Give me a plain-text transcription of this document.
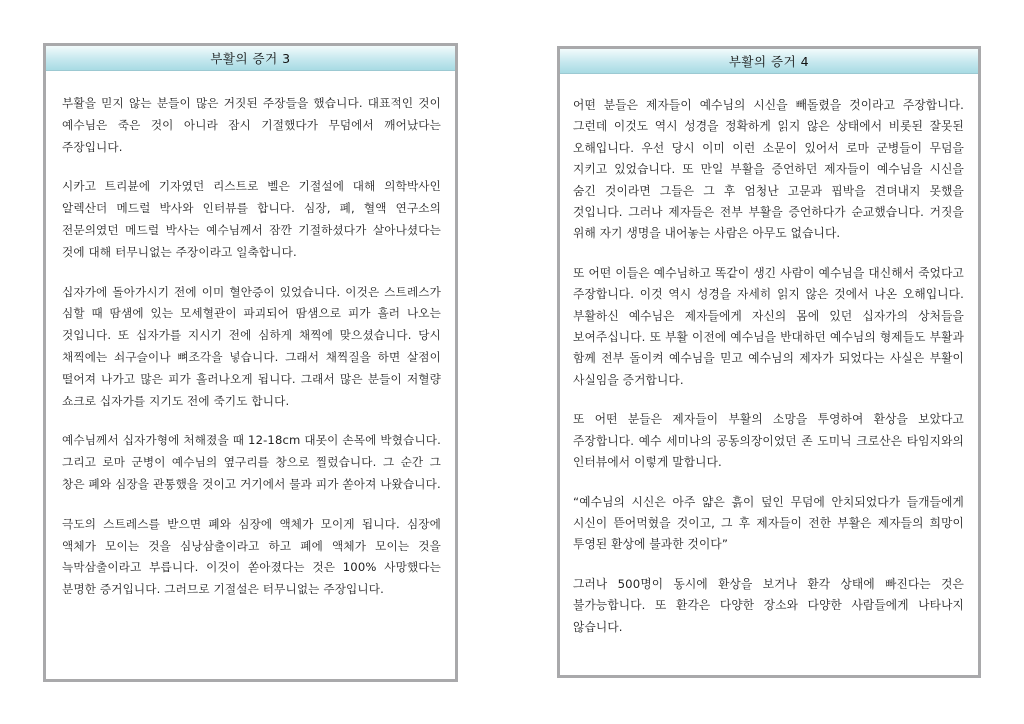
부활의 증거 3

부활을 믿지 않는 분들이 많은 거짓된 주장들을 했습니다. 대표적인 것이 예수님은 죽은 것이 아니라 잠시 기절했다가 무덤에서 깨어났다는 주장입니다.

시카고 트리뷴에 기자였던 리스트로 벨은 기절설에 대해 의학박사인 알렉산더 메드럴 박사와 인터뷰를 합니다. 심장, 폐, 혈액 연구소의 전문의였던 메드럴 박사는 예수님께서 잠깐 기절하셨다가 살아나셨다는 것에 대해 터무니없는 주장이라고 일축합니다.

십자가에 돌아가시기 전에 이미 혈안증이 있었습니다. 이것은 스트레스가 심할 때 땀샘에 있는 모세혈관이 파괴되어 땀샘으로 피가 흘러 나오는 것입니다. 또 십자가를 지시기 전에 심하게 채찍에 맞으셨습니다. 당시 채찍에는 쇠구슬이나 뼈조각을 넣습니다. 그래서 채찍질을 하면 살점이 떨어져 나가고 많은 피가 흘러나오게 됩니다. 그래서 많은 분들이 저혈량 쇼크로 십자가를 지기도 전에 죽기도 합니다.

예수님께서 십자가형에 처해졌을 때 12-18cm 대못이 손목에 박혔습니다. 그리고 로마 군병이 예수님의 옆구리를 창으로 찔렀습니다. 그 순간 그 창은 폐와 심장을 관통했을 것이고 거기에서 물과 피가 쏟아져 나왔습니다.

극도의 스트레스를 받으면 폐와 심장에 액체가 모이게 됩니다. 심장에 액체가 모이는 것을 심낭삼출이라고 하고 폐에 액체가 모이는 것을 늑막삼출이라고 부릅니다. 이것이 쏟아졌다는 것은 100% 사망했다는 분명한 증거입니다. 그러므로 기절설은 터무니없는 주장입니다.

부활의 증거 4

어떤 분들은 제자들이 예수님의 시신을 빼돌렸을 것이라고 주장합니다. 그런데 이것도 역시 성경을 정확하게 읽지 않은 상태에서 비롯된 잘못된 오해입니다. 우선 당시 이미 이런 소문이 있어서 로마 군병들이 무덤을 지키고 있었습니다. 또 만일 부활을 증언하던 제자들이 예수님을 시신을 숨긴 것이라면 그들은 그 후 엄청난 고문과 핍박을 견뎌내지 못했을 것입니다. 그러나 제자들은 전부 부활을 증언하다가 순교했습니다. 거짓을 위해 자기 생명을 내어놓는 사람은 아무도 없습니다.

또 어떤 이들은 예수님하고 똑같이 생긴 사람이 예수님을 대신해서 죽었다고 주장합니다. 이것 역시 성경을 자세히 읽지 않은 것에서 나온 오해입니다. 부활하신 예수님은 제자들에게 자신의 몸에 있던 십자가의 상처들을 보여주십니다. 또 부활 이전에 예수님을 반대하던 예수님의 형제들도 부활과 함께 전부 돌이켜 예수님을 믿고 예수님의 제자가 되었다는 사실은 부활이 사실임을 증거합니다.

또 어떤 분들은 제자들이 부활의 소망을 투영하여 환상을 보았다고 주장합니다. 예수 세미나의 공동의장이었던 존 도미닉 크로산은 타임지와의 인터뷰에서 이렇게 말합니다.

“예수님의 시신은 아주 얇은 흙이 덮인 무덤에 안치되었다가 들개들에게 시신이 뜯어먹혔을 것이고, 그 후 제자들이 전한 부활은 제자들의 희망이 투영된 환상에 불과한 것이다”

그러나 500명이 동시에 환상을 보거나 환각 상태에 빠진다는 것은 불가능합니다. 또 환각은 다양한 장소와 다양한 사람들에게 나타나지 않습니다.
